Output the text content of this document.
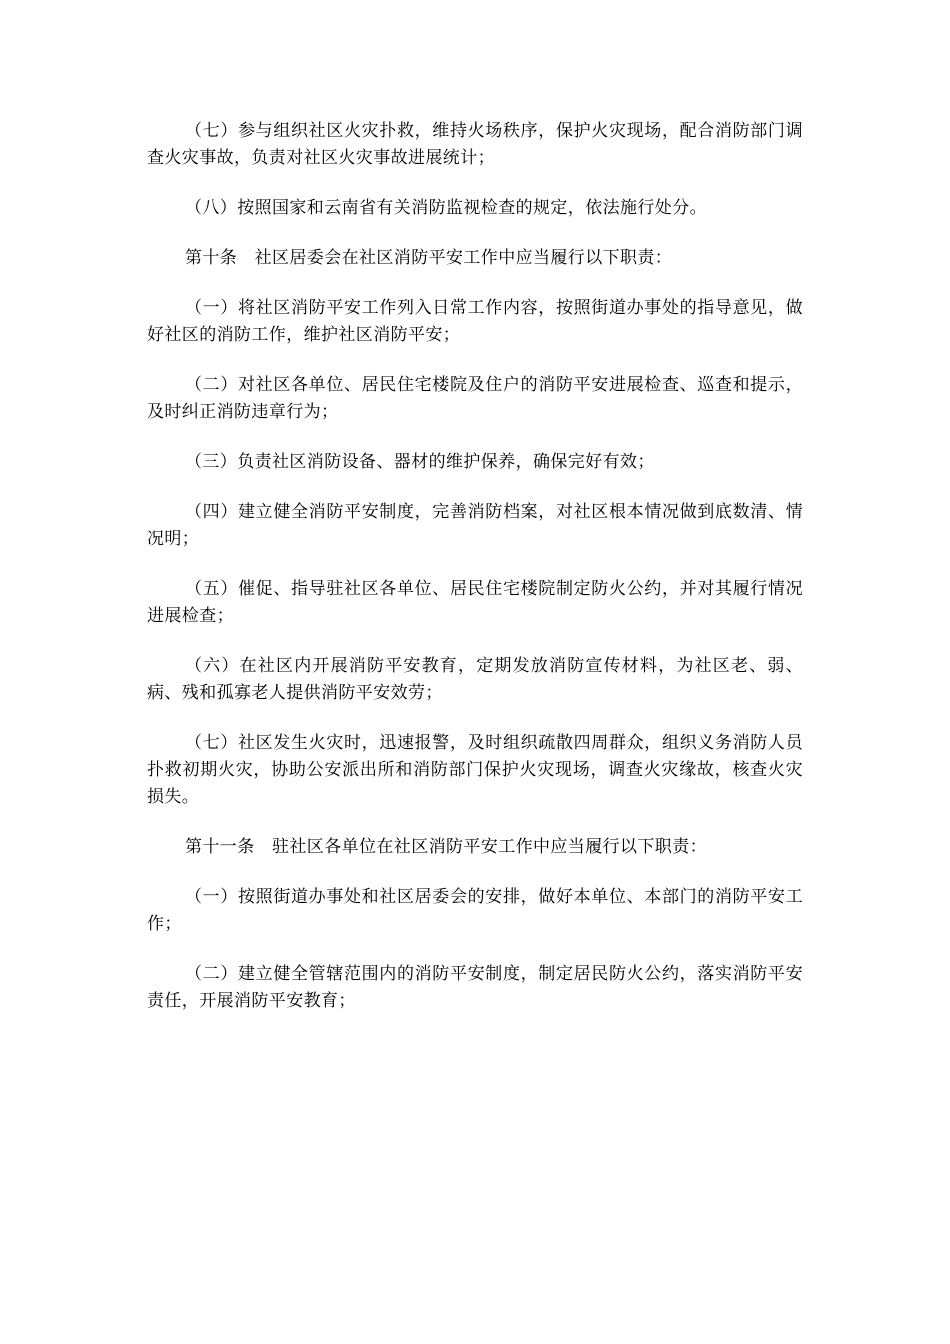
（七）参与组织社区火灾扑救，维持火场秩序，保护火灾现场，配合消防部门调查火灾事故，负责对社区火灾事故进展统计；

（八）按照国家和云南省有关消防监视检查的规定，依法施行处分。

第十条　社区居委会在社区消防平安工作中应当履行以下职责：

（一）将社区消防平安工作列入日常工作内容，按照街道办事处的指导意见，做好社区的消防工作，维护社区消防平安；

（二）对社区各单位、居民住宅楼院及住户的消防平安进展检查、巡查和提示，及时纠正消防违章行为；

（三）负责社区消防设备、器材的维护保养，确保完好有效；

（四）建立健全消防平安制度，完善消防档案，对社区根本情况做到底数清、情况明；

（五）催促、指导驻社区各单位、居民住宅楼院制定防火公约，并对其履行情况进展检查；

（六）在社区内开展消防平安教育，定期发放消防宣传材料，为社区老、弱、病、残和孤寡老人提供消防平安效劳；

（七）社区发生火灾时，迅速报警，及时组织疏散四周群众，组织义务消防人员扑救初期火灾，协助公安派出所和消防部门保护火灾现场，调查火灾缘故，核查火灾损失。

第十一条　驻社区各单位在社区消防平安工作中应当履行以下职责：

（一）按照街道办事处和社区居委会的安排，做好本单位、本部门的消防平安工作；

（二）建立健全管辖范围内的消防平安制度，制定居民防火公约，落实消防平安责任，开展消防平安教育；
